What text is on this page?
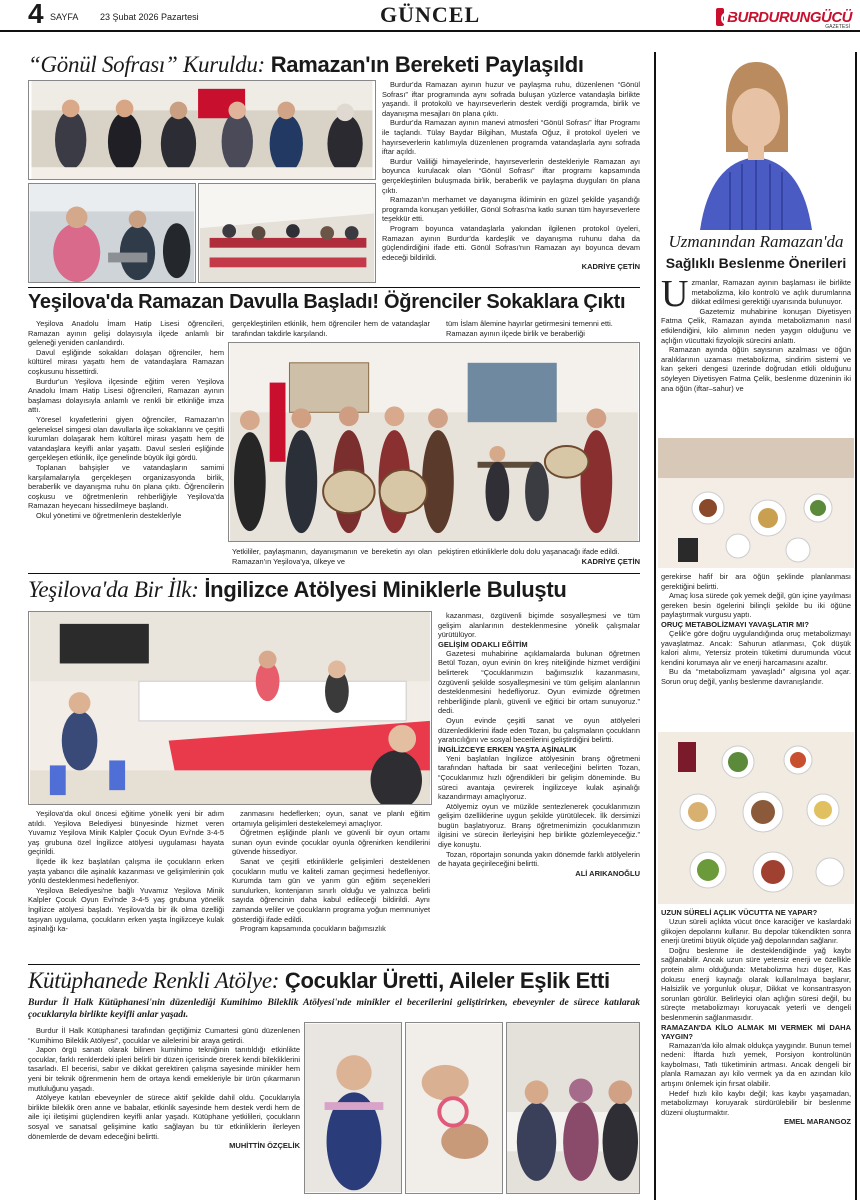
4 SAYFA 23 Şubat 2026 Pazartesi	GÜNCEL	BURDURUNGÜCÜ
GAZETESİ
“Gönül Sofrası” Kuruldu: Ramazan'ın Bereketi Paylaşıldı

Burdur'da Ramazan ayının huzur ve paylaşma ruhu, düzenlenen “Gönül Sofrası” iftar programında aynı sofrada buluşan yüzlerce vatandaşla birlikte yaşandı. İl protokolü ve hayırseverlerin destek verdiği programda, birlik ve dayanışma mesajları ön plana çıktı.

Burdur'da Ramazan ayının manevi atmosferi “Gönül Sofrası” İftar Programı ile taçlandı. Tülay Baydar Bilgihan, Mustafa Oğuz, il protokol üyeleri ve hayırseverlerin katılımıyla düzenlenen programda vatandaşlarla aynı sofrada iftar açıldı.

Burdur Valiliği himayelerinde, hayırseverlerin destekleriyle Ramazan ayı boyunca kurulacak olan “Gönül Sofrası” iftar programı kapsamında gerçekleştirilen buluşmada birlik, beraberlik ve paylaşma duyguları ön plana çıktı.

Ramazan'ın merhamet ve dayanışma ikliminin en güzel şekilde yaşandığı programda konuşan yetkililer, Gönül Sofrası'na katkı sunan tüm hayırseverlere teşekkür etti.

Program boyunca vatandaşlarla yakından ilgilenen protokol üyeleri, Ramazan ayının Burdur'da kardeşlik ve dayanışma ruhunu daha da güçlendirdiğini ifade etti. Gönül Sofrası'nın Ramazan ayı boyunca devam edeceği bildirildi.

KADRİYE ÇETİN
Yeşilova'da Ramazan Davulla Başladı! Öğrenciler Sokaklara Çıktı

Yeşilova Anadolu İmam Hatip Lisesi öğrencileri, Ramazan ayının gelişi dolayısıyla ilçede anlamlı bir geleneği yeniden canlandırdı.

Davul eşliğinde sokakları dolaşan öğrenciler, hem kültürel mirası yaşattı hem de vatandaşlara Ramazan coşkusunu hissettirdi.

Burdur'un Yeşilova ilçesinde eğitim veren Yeşilova Anadolu İmam Hatip Lisesi öğrencileri, Ramazan ayının başlaması dolayısıyla anlamlı ve renkli bir etkinliğe imza attı.

Yöresel kıyafetlerini giyen öğrenciler, Ramazan'ın geleneksel simgesi olan davullarla ilçe sokaklarını ve çeşitli kurumları dolaşarak hem kültürel mirası yaşattı hem de vatandaşlara keyifli anlar yaşattı. Davul sesleri eşliğinde gerçekleşen etkinlik, ilçe genelinde büyük ilgi gördü.

Toplanan bahşişler ve vatandaşların samimi karşılamalarıyla gerçekleşen organizasyonda birlik, beraberlik ve dayanışma ruhu ön plana çıktı. Öğrencilerin coşkusu ve öğretmenlerin rehberliğiyle Yeşilova'da Ramazan heyecanı hissedilmeye başlandı.

Okul yönetimi ve öğretmenlerin desteklerîyle

gerçekleştirilen etkinlik, hem öğrenciler hem de vatandaşlar tarafından takdirle karşılandı.

tüm İslam âlemine hayırlar getirmesini temenni etti.

Ramazan ayının ilçede birlik ve beraberliği

Yetkililer, paylaşmanın, dayanışmanın ve bereketin ayı olan Ramazan'ın Yeşilova'ya, ülkeye ve
pekiştiren etkinliklerle dolu dolu yaşanacağı ifade edildi.
KADRİYE ÇETİN
Yeşilova'da Bir İlk: İngilizce Atölyesi Miniklerle Buluştu

kazanması, özgüvenli biçimde sosyalleşmesi ve tüm gelişim alanlarının desteklenmesine yönelik çalışmalar yürütülüyor.

GELİŞİM ODAKLI EĞİTİM

Gazetesi muhabirine açıklamalarda bulunan öğretmen Betül Tozan, oyun evinin ön kreş niteliğinde hizmet verdiğini belirterek “Çocuklarımızın bağımsızlık kazanmasını, özgüvenli şekilde sosyalleşmesini ve tüm gelişim alanlarının desteklenmesini hedefliyoruz. Oyun evimizde öğretmen rehberliğinde planlı, güvenli ve eğitici bir ortam sunuyoruz.” dedi.

Oyun evinde çeşitli sanat ve oyun atölyeleri düzenlediklerini ifade eden Tozan, bu çalışmaların çocukların yaratıcılığını ve sosyal becerilerini geliştirdiğini belirtti.

İNGİLİZCEYE ERKEN YAŞTA AŞİNALIK

Yeni başlatılan İngilizce atölyesinin branş öğretmeni tarafından haftada bir saat verileceğini belirten Tozan, “Çocuklarımız hızlı öğrendikleri bir gelişim döneminde. Bu süreci avantaja çevirerek İngilizceye kulak aşinalığı kazandırmayı amaçlıyoruz.

Atölyemiz oyun ve müzikle sentezlenerek çocuklarımızın gelişim özelliklerine uygun şekilde yürütülecek. İlk dersimizi bugün başlatıyoruz. Branş öğretmenimizin çocuklarımızın ilgisini ve sürecin ilerleyişini hep birlikte gözlemleyeceğiz.” diye konuştu.

Tozan, röportajın sonunda yakın dönemde farklı atölyelerin de hayata geçirileceğini belirtti.

ALİ ARIKANOĞLU

Yeşilova'da okul öncesi eğitime yönelik yeni bir adım atıldı. Yeşilova Belediyesi bünyesinde hizmet veren Yuvamız Yeşilova Minik Kalpler Çocuk Oyun Evi'nde 3-4-5 yaş grubuna özel İngilizce atölyesi uygulaması hayata geçirildi.

İlçede ilk kez başlatılan çalışma ile çocukların erken yaşta yabancı dile aşinalık kazanması ve gelişimlerinin çok yönlü desteklenmesi hedefleniyor.

Yeşilova Belediyesi'ne bağlı Yuvamız Yeşilova Minik Kalpler Çocuk Oyun Evi'nde 3-4-5 yaş grubuna yönelik İngilizce atölyesi başladı. Yeşilova'da bir ilk olma özelliği taşıyan uygulama, çocukların erken yaşta İngilizceye kulak aşinalığı ka-

zanmasını hedeflerken; oyun, sanat ve planlı eğitim ortamıyla gelişimleri destekelemeyi amaçlıyor.

Öğretmen eşliğinde planlı ve güvenli bir oyun ortamı sunan oyun evinde çocuklar oyunla öğrenirken kendilerini güvende hissediyor.

Sanat ve çeşitli etkinliklerle gelişimleri desteklenen çocukların mutlu ve kaliteli zaman geçirmesi hedefleniyor. Kurumda tam gün ve yarım gün eğitim seçenekleri sunulurken, kontenjanın sınırlı olduğu ve yalnızca belirli sayıda öğrencinin daha kabul edileceği bildirildi. Aynı zamanda veliler ve çocukların programa yoğun memnuniyet gösterdiği ifade edildi.

Program kapsamında çocukların bağımsızlık

Kütüphanede Renkli Atölye: Çocuklar Üretti, Aileler Eşlik Etti
Burdur İl Halk Kütüphanesi'nin düzenlediği Kumihimo Bileklik Atölyesi'nde minikler el becerilerini geliştirirken, ebeveynler de sürece katılarak çocuklarıyla birlikte keyifli anlar yaşadı.

Burdur İl Halk Kütüphanesi tarafından geçtiğimiz Cumartesi günü düzenlenen “Kumihimo Bileklik Atölyesi”, çocuklar ve ailelerini bir araya getirdi.

Japon örgü sanatı olarak bilinen kumihimo tekniğinin tanıtıldığı etkinlikte çocuklar, farklı renklerdeki ipleri belirli bir düzen içerisinde örerek kendi bilekliklerini tasarladı. El becerisi, sabır ve dikkat gerektiren çalışma sayesinde minikler hem yeni bir teknik öğrenmenin hem de ortaya kendi emekleriyle bir ürün çıkarmanın mutluluğunu yaşadı.

Atölyeye katılan ebeveynler de sürece aktif şekilde dahil oldu. Çocuklarıyla birlikte bileklik ören anne ve babalar, etkinlik sayesinde hem destek verdi hem de aile içi iletişimi güçlendiren keyifli anlar yaşadı. Kütüphane yetkilileri, çocukların sosyal ve sanatsal gelişimine katkı sağlayan bu tür etkinliklerin ilerleyen dönemlerde de devam edeceğini belirtti.

MUHİTTİN ÖZÇELİK
Uzmanından Ramazan'da
Sağlıklı Beslenme Önerileri
Uzmanlar, Ramazan ayının başlaması ile birlikte metabolizma, kilo kontrolü ve açlık durumlarına dikkat edilmesi gerektiği uyarısında bulunuyor.

Gazetemiz muhabirine konuşan Diyetisyen Fatma Çelik, Ramazan ayında metabolizmanın nasıl etkilendiğini, kilo alımının neden yaygın olduğunu ve açlığın vücuttaki fizyolojik sürecini anlattı.

Ramazan ayında öğün sayısının azalması ve öğün aralıklarının uzaması metabolizma, sindirim sistemi ve kan şekeri dengesi üzerinde doğrudan etkili olduğunu söyleyen Diyetisyen Fatma Çelik, beslenme düzeninin iki ana öğün (iftar–sahur) ve

gerekirse hafif bir ara öğün şeklinde planlanması gerektiğini belirtti.

Amaç kısa sürede çok yemek değil, gün içine yayılması gereken besin ögelerini bilinçli şekilde bu iki öğüne paylaştırmak vurgusu yaptı.

ORUÇ METABOLİZMAYI YAVAŞLATIR MI?

Çelik'e göre doğru uygulandığında oruç metabolizmayı yavaşlatmaz. Ancak: Sahurun atlanması, Çok düşük kalori alımı, Yetersiz protein tüketimi durumunda vücut kendini korumaya alır ve enerji harcamasını azaltır.

Bu da “metabolizmam yavaşladı” algısına yol açar. Sorun oruç değil, yanlış beslenme davranışlarıdır.

UZUN SÜRELİ AÇLIK VÜCUTTA NE YAPAR?

Uzun süreli açlıkta vücut önce karaciğer ve kaslardaki glikojen depolarını kullanır. Bu depolar tükendikten sonra enerji üretimi büyük ölçüde yağ depolarından sağlanır.

Doğru beslenme ile desteklendiğinde yağ kaybı sağlanabilir. Ancak uzun süre yetersiz enerji ve özellikle protein alımı olduğunda: Metabolizma hızı düşer, Kas dokusu enerji kaynağı olarak kullanılmaya başlanır, Halsizlik ve yorgunluk oluşur, Dikkat ve konsantrasyon sorunları görülür. Belirleyici olan açlığın süresi değil, bu süreçte metabolizmayı koruyacak yeterli ve dengeli beslenmenin sağlanmasıdır.

RAMAZAN'DA KİLO ALMAK MI VERMEK Mİ DAHA YAYGIN?

Ramazan'da kilo almak oldukça yaygındır. Bunun temel nedeni: İftarda hızlı yemek, Porsiyon kontrolünün kaybolması, Tatlı tüketiminin artması. Ancak dengeli bir planla Ramazan ayı kilo vermek ya da en azından kilo artışını önlemek için fırsat olabilir.

Hedef hızlı kilo kaybı değil; kas kaybı yaşamadan, metabolizmayı koruyarak sürdürülebilir bir beslenme düzeni oluşturmaktır.

EMEL MARANGOZ
